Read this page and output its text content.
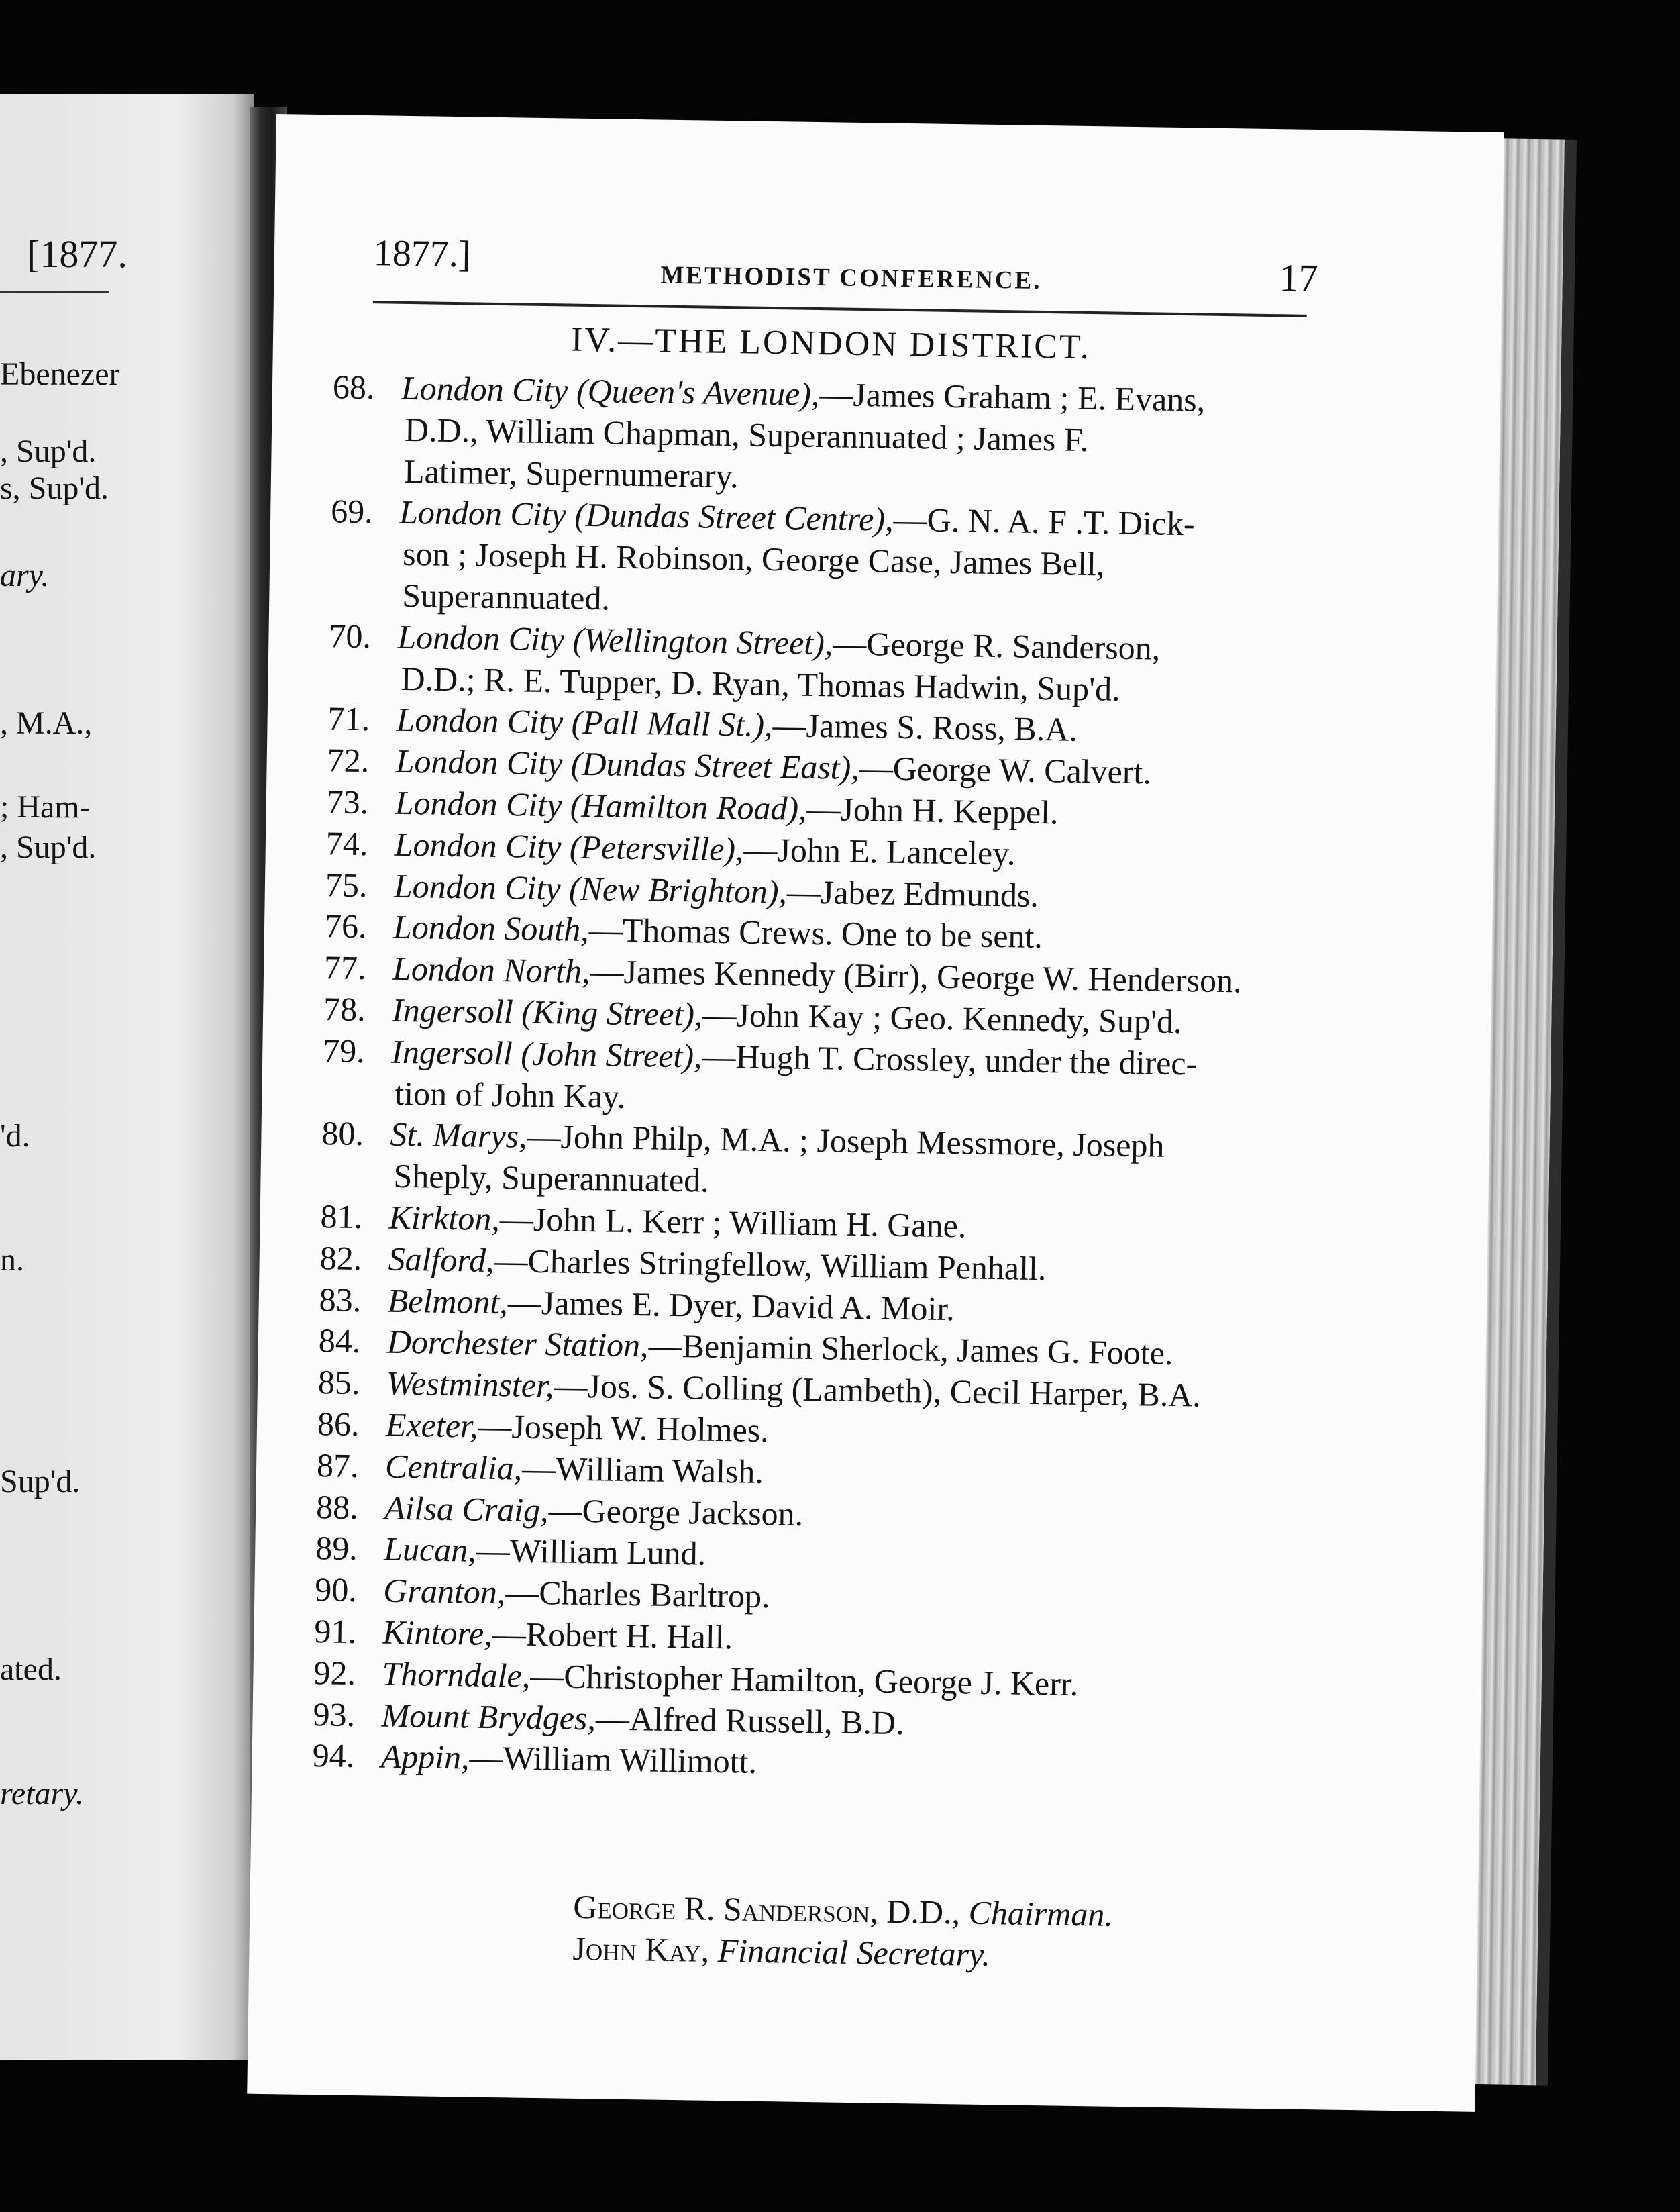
[1877.
Ebenezer
, Sup'd.
s, Sup'd.
ary.
, M.A.,
; Ham-
, Sup'd.
'd.
n.
Sup'd.
ated.
retary.
1877.]
METHODIST CONFERENCE.	17
IV.—THE LONDON DISTRICT.
68. London City (Queen's Avenue),—James Graham ; E. Evans,
D.D., William Chapman, Superannuated ; James F.
Latimer, Supernumerary.
69. London City (Dundas Street Centre),—G. N. A. F .T. Dick-
son ; Joseph H. Robinson, George Case, James Bell,
Superannuated.
70. London City (Wellington Street),—George R. Sanderson,
D.D.; R. E. Tupper, D. Ryan, Thomas Hadwin, Sup'd.
71. London City (Pall Mall St.),—James S. Ross, B.A.
72. London City (Dundas Street East),—George W. Calvert.
73. London City (Hamilton Road),—John H. Keppel.
74. London City (Petersville),—John E. Lanceley.
75. London City (New Brighton),—Jabez Edmunds.
76. London South,—Thomas Crews. One to be sent.
77. London North,—James Kennedy (Birr), George W. Henderson.
78. Ingersoll (King Street),—John Kay ; Geo. Kennedy, Sup'd.
79. Ingersoll (John Street),—Hugh T. Crossley, under the direc-
tion of John Kay.
80. St. Marys,—John Philp, M.A. ; Joseph Messmore, Joseph
Sheply, Superannuated.
81. Kirkton,—John L. Kerr ; William H. Gane.
82. Salford,—Charles Stringfellow, William Penhall.
83. Belmont,—James E. Dyer, David A. Moir.
84. Dorchester Station,—Benjamin Sherlock, James G. Foote.
85. Westminster,—Jos. S. Colling (Lambeth), Cecil Harper, B.A.
86. Exeter,—Joseph W. Holmes.
87. Centralia,—William Walsh.
88. Ailsa Craig,—George Jackson.
89. Lucan,—William Lund.
90. Granton,—Charles Barltrop.
91. Kintore,—Robert H. Hall.
92. Thorndale,—Christopher Hamilton, George J. Kerr.
93. Mount Brydges,—Alfred Russell, B.D.
94. Appin,—William Willimott.
George R. Sanderson, D.D., Chairman.
John Kay, Financial Secretary.
